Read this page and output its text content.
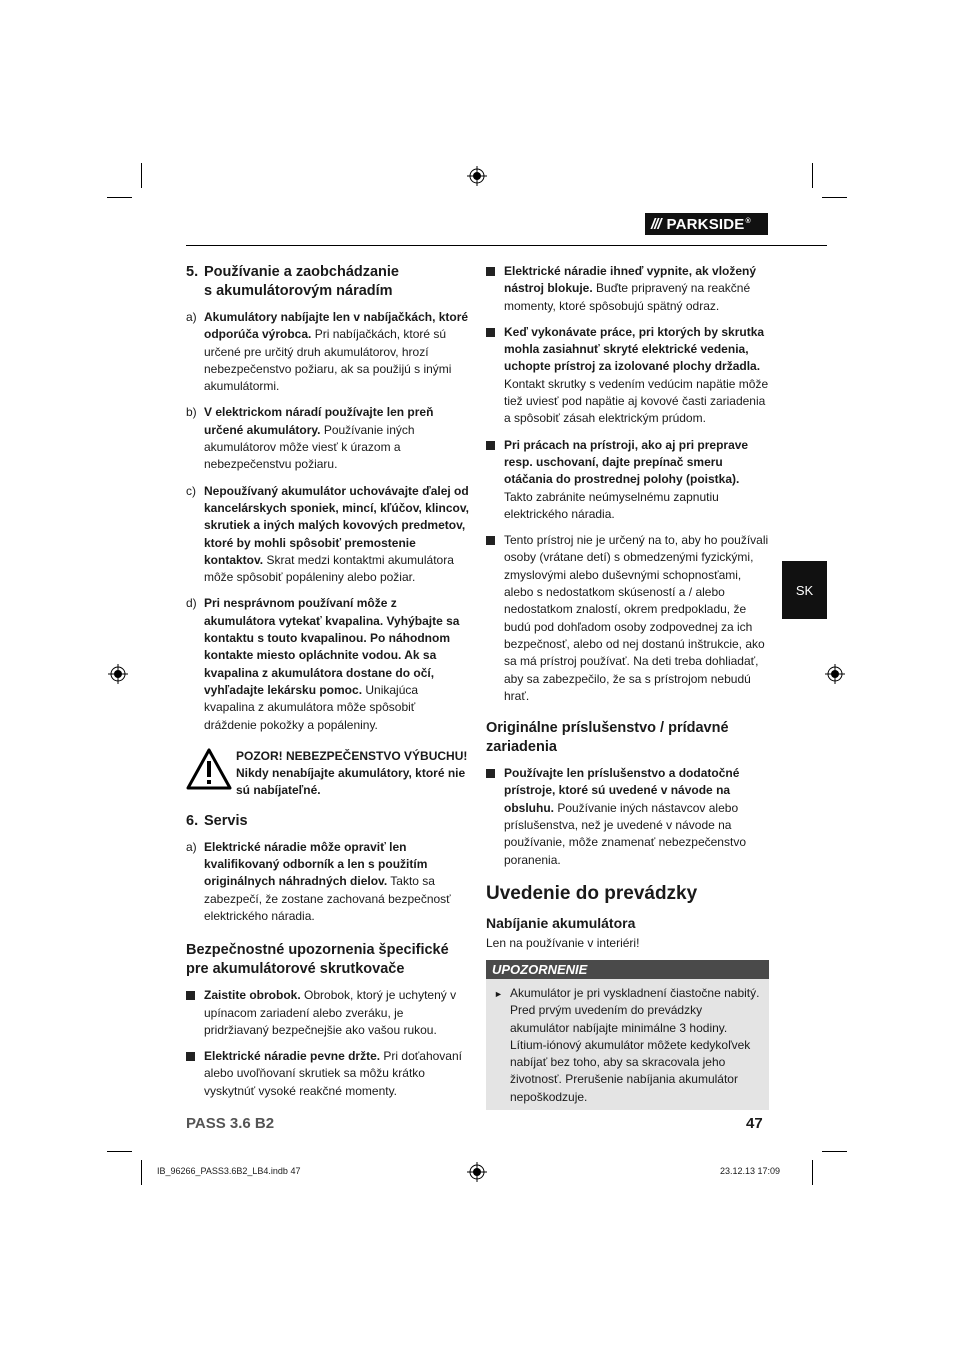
/// PARKSIDE®
SK
5. Používanie a zaobchádzanie
s akumulátorovým náradím
a) Akumulátory nabíjajte len v nabíjačkách, ktoré odporúča výrobca. Pri nabíjačkách, ktoré sú určené pre určitý druh akumulátorov, hrozí nebezpečenstvo požiaru, ak sa použijú s inými akumulátormi.
b) V elektrickom náradí používajte len preň určené akumulátory. Používanie iných akumulátorov môže viesť k úrazom a nebezpečenstvu požiaru.
c) Nepoužívaný akumulátor uchovávajte ďalej od kancelárskych sponiek, mincí, kľúčov, klincov, skrutiek a iných malých kovových predmetov, ktoré by mohli spôsobiť premostenie kontaktov. Skrat medzi kontaktmi akumulátora môže spôsobiť popáleniny alebo požiar.
d) Pri nesprávnom používaní môže z akumulátora vytekať kvapalina. Vyhýbajte sa kontaktu s touto kvapalinou. Po náhodnom kontakte miesto opláchnite vodou. Ak sa kvapalina z akumulátora dostane do očí, vyhľadajte lekársku pomoc. Unikajúca kvapalina z akumulátora môže spôsobiť dráždenie pokožky a popáleniny.
POZOR! NEBEZPEČENSTVO VÝBUCHU! Nikdy nenabíjajte akumulátory, ktoré nie sú nabíjateľné.
6. Servis
a) Elektrické náradie môže opraviť len kvalifikovaný odborník a len s použitím originálnych náhradných dielov. Takto sa zabezpečí, že zostane zachovaná bezpečnosť elektrického náradia.
Bezpečnostné upozornenia špecifické pre akumulátorové skrutkovače
Zaistite obrobok. Obrobok, ktorý je uchytený v upínacom zariadení alebo zveráku, je pridržiavaný bezpečnejšie ako vašou rukou.
Elektrické náradie pevne držte. Pri doťahovaní alebo uvoľňovaní skrutiek sa môžu krátko vyskytnúť vysoké reakčné momenty.
Elektrické náradie ihneď vypnite, ak vložený nástroj blokuje. Buďte pripravený na reakčné momenty, ktoré spôsobujú spätný odraz.
Keď vykonávate práce, pri ktorých by skrutka mohla zasiahnuť skryté elektrické vedenia, uchopte prístroj za izolované plochy držadla. Kontakt skrutky s vedením vedúcim napätie môže tiež uviesť pod napätie aj kovové časti zariadenia a spôsobiť zásah elektrickým prúdom.
Pri prácach na prístroji, ako aj pri preprave resp. uschovaní, dajte prepínač smeru otáčania do prostrednej polohy (poistka). Takto zabránite neúmyselnému zapnutiu elektrického náradia.
Tento prístroj nie je určený na to, aby ho používali osoby (vrátane detí) s obmedzenými fyzickými, zmyslovými alebo duševnými schopnosťami, alebo s nedostatkom skúseností a / alebo nedostatkom znalostí, okrem predpokladu, že budú pod dohľadom osoby zodpovednej za ich bezpečnosť, alebo od nej dostanú inštrukcie, ako sa má prístroj používať. Na deti treba dohliadať, aby sa zabezpečilo, že sa s prístrojom nebudú hrať.
Originálne príslušenstvo / prídavné zariadenia
Používajte len príslušenstvo a dodatočné prístroje, ktoré sú uvedené v návode na obsluhu. Používanie iných nástavcov alebo príslušenstva, než je uvedené v návode na používanie, môže znamenať nebezpečenstvo poranenia.
Uvedenie do prevádzky
Nabíjanie akumulátora
Len na používanie v interiéri!
UPOZORNENIE
► Akumulátor je pri vyskladnení čiastočne nabitý. Pred prvým uvedením do prevádzky akumulátor nabíjajte minimálne 3 hodiny.
Lítium-iónový akumulátor môžete kedykoľvek nabíjať bez toho, aby sa skracovala jeho životnosť. Prerušenie nabíjania akumulátor nepoškodzuje.
PASS 3.6 B2	47
IB_96266_PASS3.6B2_LB4.indb 47	23.12.13 17:09
